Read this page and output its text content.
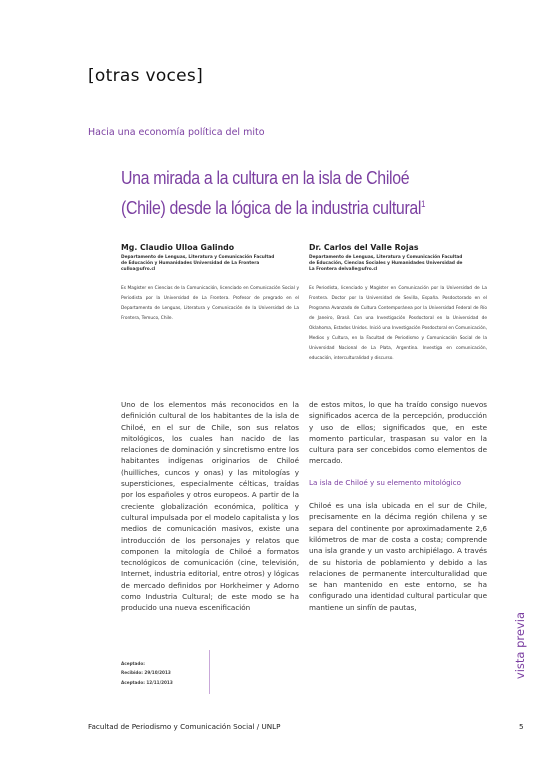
[otras voces]
Hacia una economía política del mito
Una mirada a la cultura en la isla de Chiloé (Chile) desde la lógica de la industria cultural$^1$
Mg. Claudio Ulloa Galindo
Departamento de Lenguas, Literatura y Comunicación Facultad de Educación y Humanidades Universidad de La Frontera culloa@ufro.cl
Es Magíster en Ciencias de la Comunicación, licenciado en Comunicación Social y Periodista por la Universidad de La Frontera. Profesor de pregrado en el Departamento de Lenguas, Literatura y Comunicación de la Universidad de La Frontera, Temuco, Chile.
Dr. Carlos del Valle Rojas
Departamento de Lenguas, Literatura y Comunicación Facultad de Educación, Ciencias Sociales y Humanidades Universidad de La Frontera delvalle@ufro.cl
Es Periodista, licenciado y Magíster en Comunicación por la Universidad de La Frontera. Doctor por la Universidad de Sevilla, España. Posdoctorado en el Programa Avanzado de Cultura Contemporánea por la Universidad Federal de Río de Janeiro, Brasil. Con una Investigación Posdoctoral en la Universidad de Oklahoma, Estados Unidos. Inició una Investigación Posdoctoral en Comunicación, Medios y Cultura, en la Facultad de Periodismo y Comunicación Social de la Universidad Nacional de La Plata, Argentina. Investiga en comunicación, educación, interculturalidad y discurso.

Uno de los elementos más reconocidos en la definición cultural de los habitantes de la isla de Chiloé, en el sur de Chile, son sus relatos mitológicos, los cuales han nacido de las relaciones de dominación y sincretismo entre los habitantes indígenas originarios de Chiloé (huilliches, cuncos y onas) y las mitologías y supersticiones, especialmente célticas, traídas por los españoles y otros europeos. A partir de la creciente globalización económica, política y cultural impulsada por el modelo capitalista y los medios de comunicación masivos, existe una introducción de los personajes y relatos que componen la mitología de Chiloé a formatos tecnológicos de comunicación (cine, televisión, Internet, industria editorial, entre otros) y lógicas de mercado definidos por Horkheimer y Adorno como Industria Cultural; de este modo se ha producido una nueva escenificación

de estos mitos, lo que ha traído consigo nuevos significados acerca de la percepción, producción y uso de ellos; significados que, en este momento particular, traspasan su valor en la cultura para ser concebidos como elementos de mercado.

La isla de Chiloé y su elemento mitológico

Chiloé es una isla ubicada en el sur de Chile, precisamente en la décima región chilena y se separa del continente por aproximadamente 2,6 kilómetros de mar de costa a costa; comprende una isla grande y un vasto archipiélago. A través de su historia de poblamiento y debido a las relaciones de permanente interculturalidad que se han mantenido en este entorno, se ha configurado una identidad cultural particular que mantiene un sinfín de pautas,

Aceptado:
Recibido: 29/10/2013
Aceptado: 12/11/2013
vista previa
Facultad de Periodismo y Comunicación Social / UNLP	5
